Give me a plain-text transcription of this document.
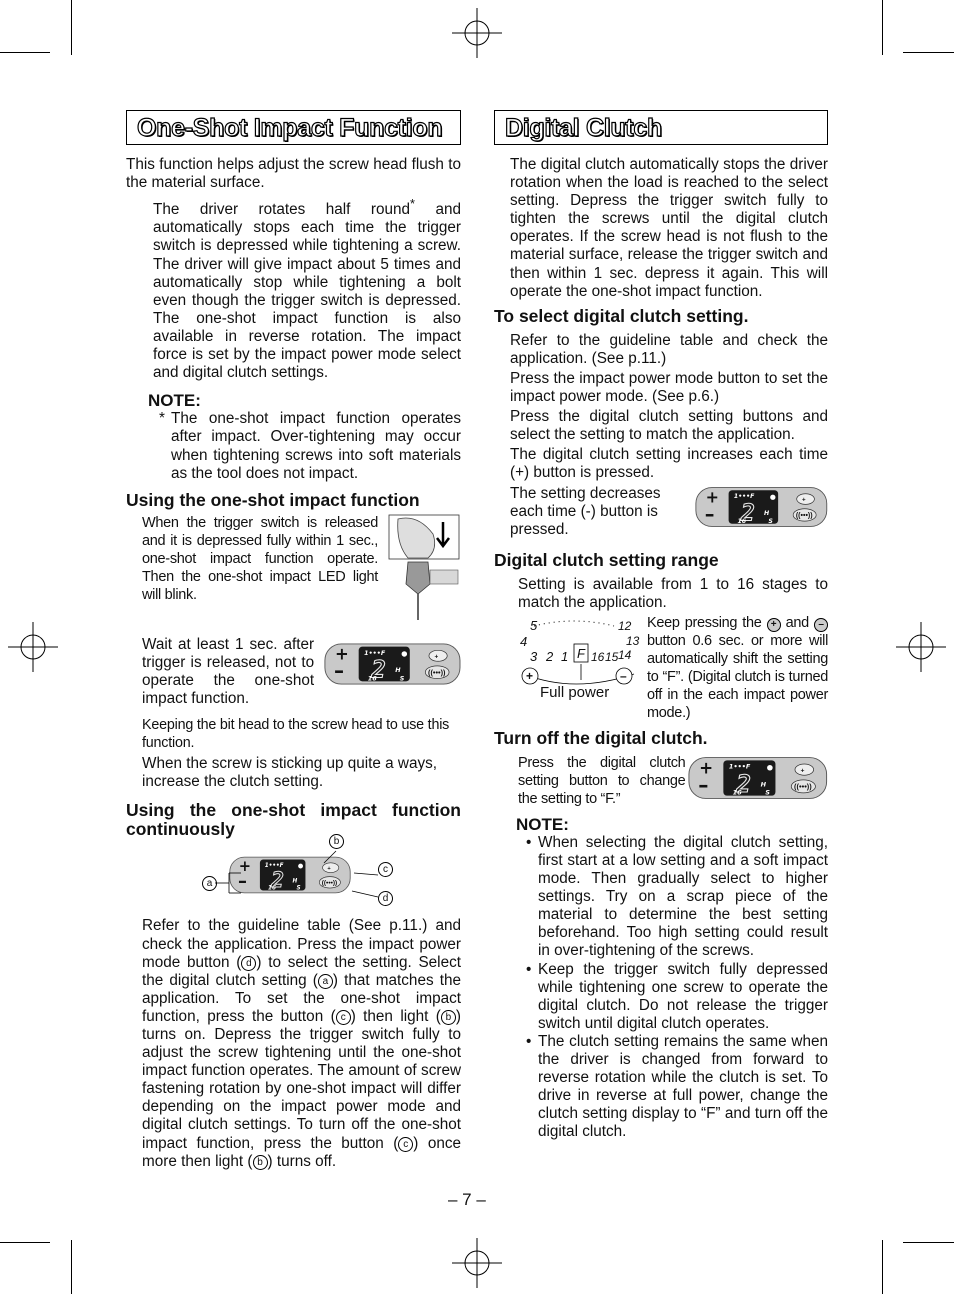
One-Shot Impact Function

This function helps adjust the screw head flush to the material surface.

The driver rotates half round* and automatically stops each time the trigger switch is depressed while tightening a screw. The driver will give impact about 5 times and automatically stop while tightening a bolt even though the trigger switch is depressed. The one-shot impact function is also available in reverse rotation. The impact force is set by the impact power mode select and digital clutch settings.

NOTE:

* The one-shot impact function operates after impact. Over-tightening may occur when tightening screws into soft materials as the tool does not impact.

Using the one-shot impact function

When the trigger switch is released and it is depressed fully within 1 sec., one-shot impact function operate. Then the one-shot impact LED light will blink.

Wait at least 1 sec. after trigger is released, not to operate the one-shot impact function.

Keeping the bit head to the screw head to use this function.

When the screw is sticking up quite a ways, increase the clutch setting.

Using the one-shot impact function continuously

a
b
c
d

Refer to the guideline table (See p.11.) and check the application. Press the impact power mode button ( d ) to select the setting. Select the digital clutch setting ( a ) that matches the application. To set the one-shot impact function, press the button ( c ) then light ( b ) turns on. Depress the trigger switch fully to adjust the screw tightening until the one-shot impact function operates. The amount of screw fastening rotation by one-shot impact will differ depending on the impact power mode and digital clutch settings. To turn off the one-shot impact function, press the button ( c ) once more then light ( b ) turns off.

Digital Clutch

The digital clutch automatically stops the driver rotation when the load is reached to the select setting. Depress the trigger switch fully to tighten the screws until the digital clutch operates. If the screw head is not flush to the material surface, release the trigger switch and then within 1 sec. depress it again. This will operate the one-shot impact function.

To select digital clutch setting.

Refer to the guideline table and check the application. (See p.11.)

Press the impact power mode button to set the impact power mode. (See p.6.)

Press the digital clutch setting buttons and select the setting to match the application.

The digital clutch setting increases each time (+) button is pressed.

The setting decreases each time (-) button is pressed.

Digital clutch setting range

Setting is available from 1 to 16 stages to match the application.

5
4
3 2 1 F 16 15 14
13
12
+	–
Full power

Keep pressing the + and – button 0.6 sec. or more will automatically shift the setting to “F”. (Digital clutch is turned off in the each impact power mode.)

Turn off the digital clutch.

Press the digital clutch setting button to change the setting to “F.”

NOTE:

• When selecting the digital clutch setting, first start at a low setting and a soft impact mode. Then gradually select to higher settings. Try on a scrap piece of the material to determine the best setting beforehand. Too high setting could result in over-tightening of the screws.
• Keep the trigger switch fully depressed while tightening one screw to operate the digital clutch. Do not release the trigger switch until digital clutch operates.
• The clutch setting remains the same when the driver is changed from forward to reverse rotation while the clutch is set. To drive in reverse at full power, change the clutch setting display to “F” and turn off the digital clutch.
– 7 –
